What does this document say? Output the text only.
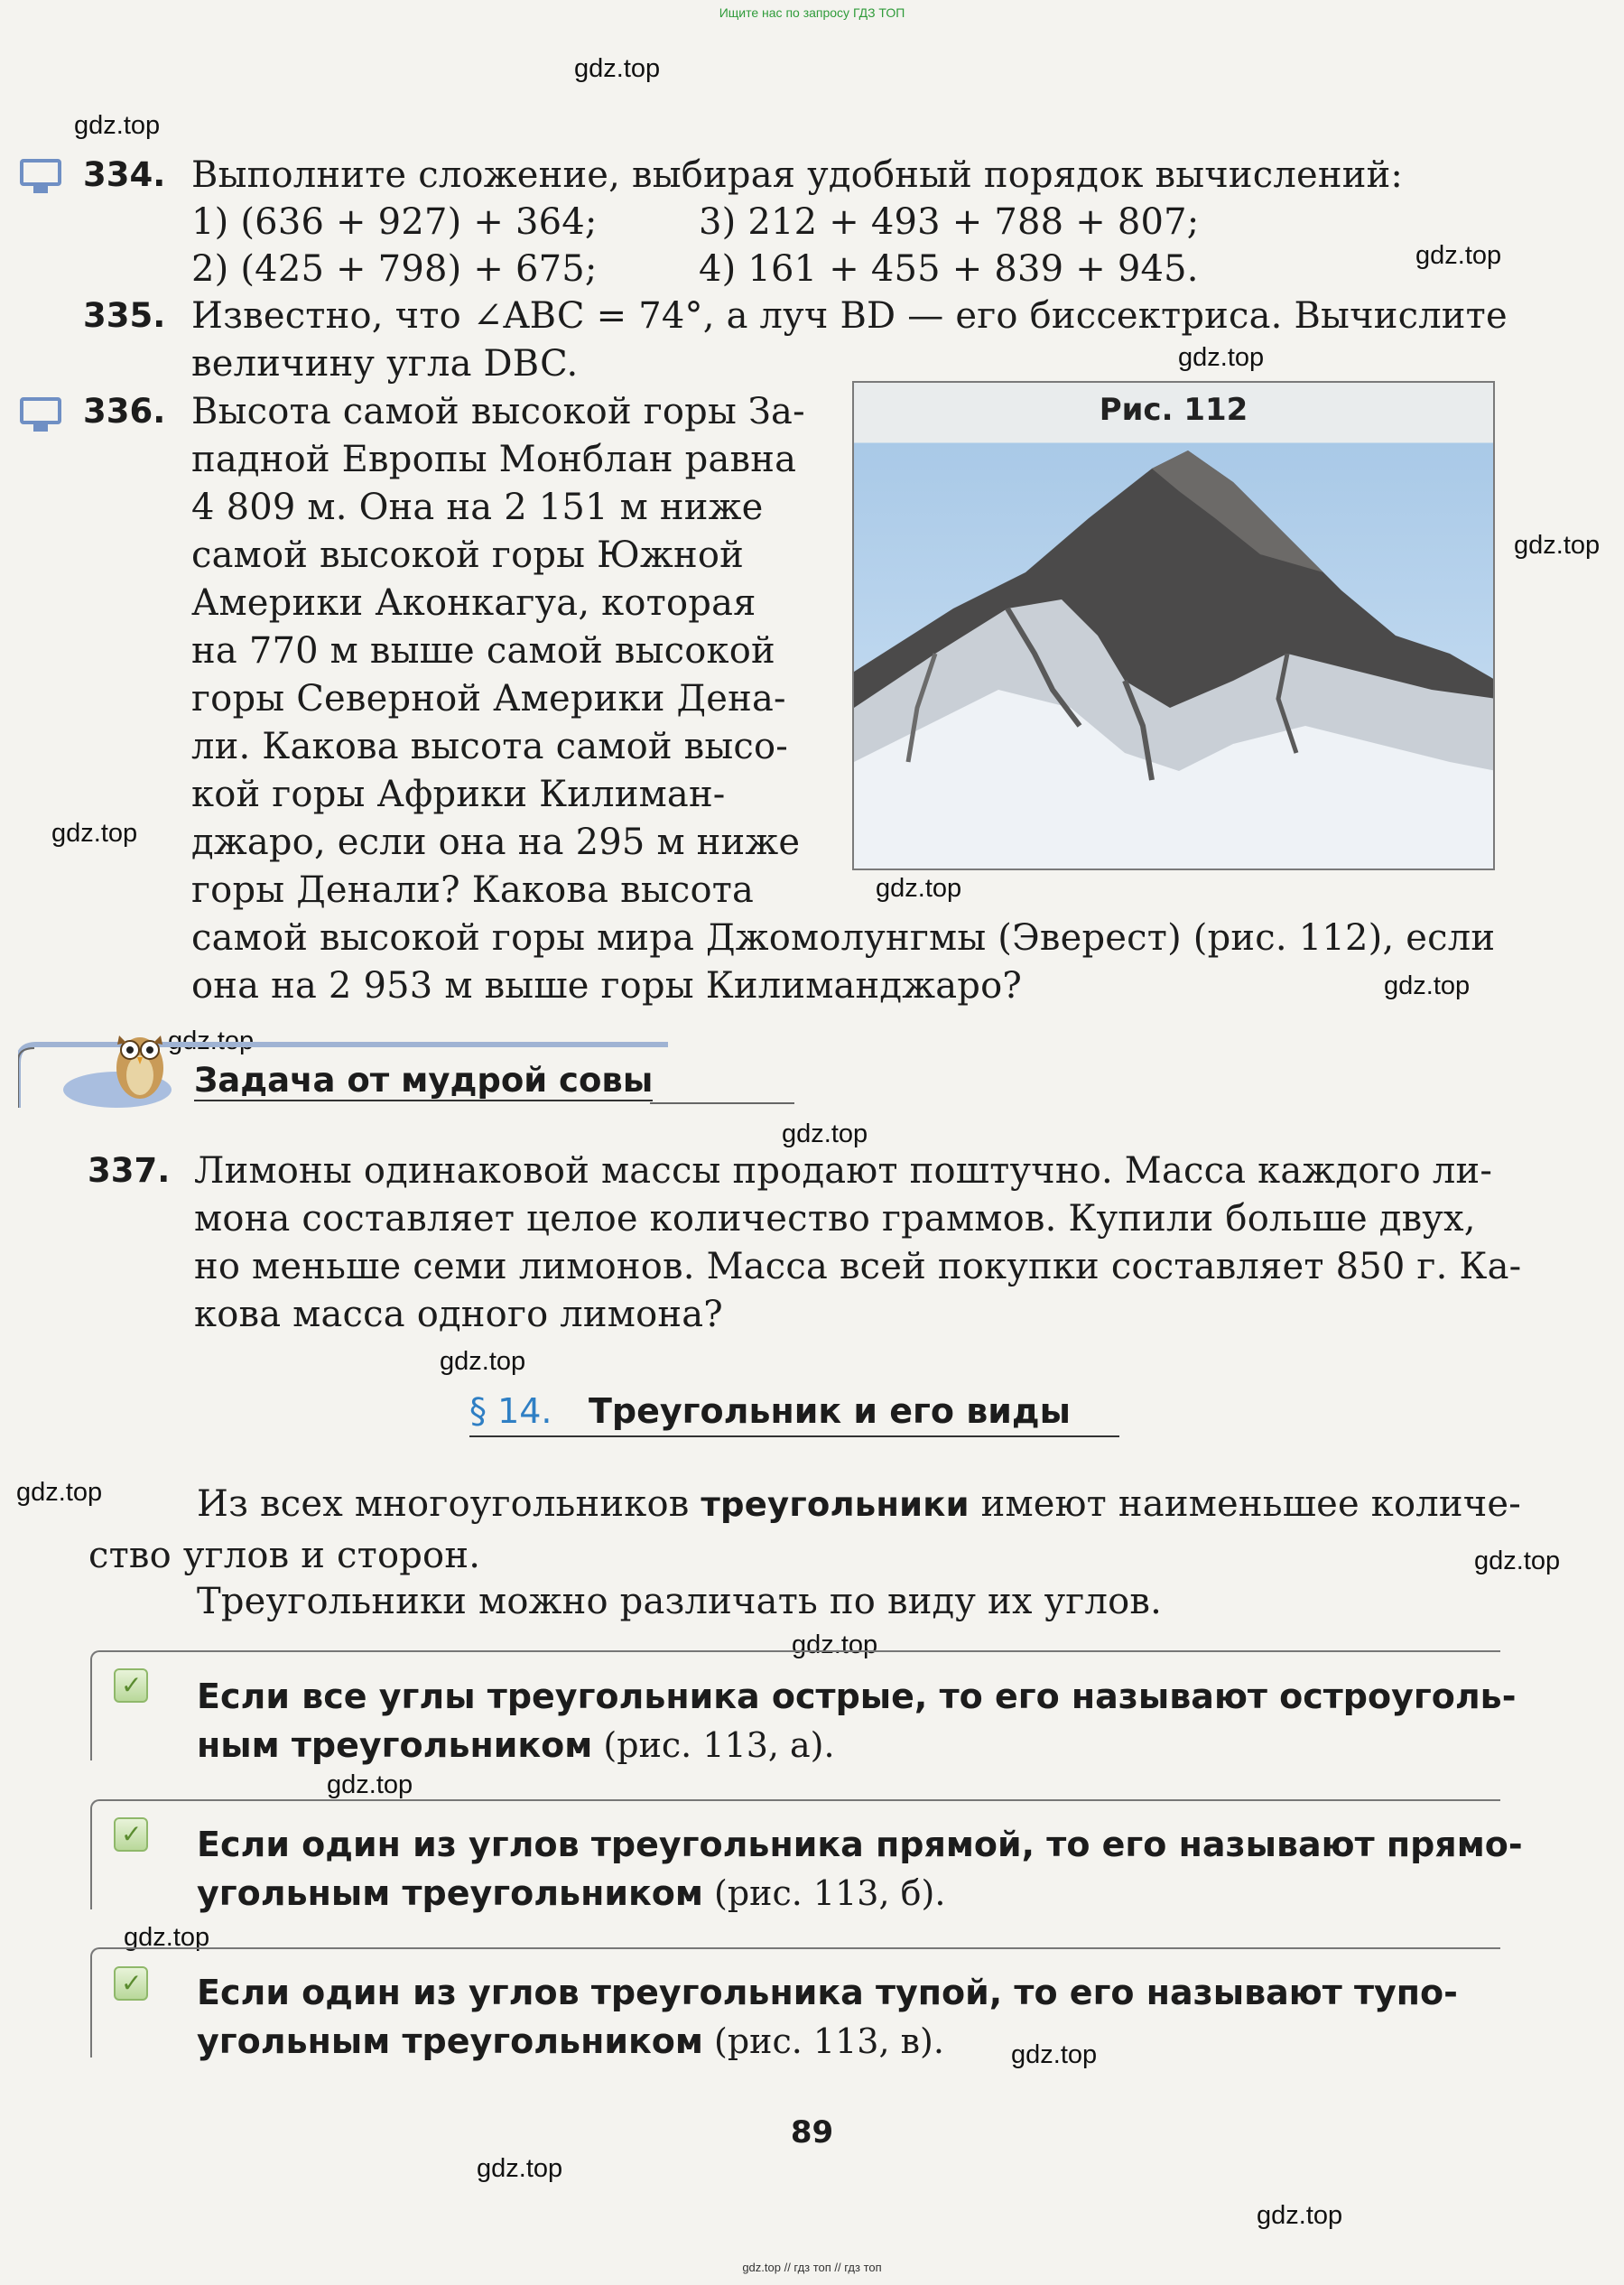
Ищите нас по запросу ГДЗ ТОП
gdz.top
gdz.top
gdz.top
gdz.top
gdz.top
gdz.top
gdz.top
gdz.top
gdz.top
gdz.top
gdz.top
gdz.top
gdz.top
gdz.top
gdz.top
gdz.top
gdz.top
gdz.top
gdz.top
334. Выполните сложение, выбирая удобный порядок вычислений:
1) (636 + 927) + 364;	3) 212 + 493 + 788 + 807;
2) (425 + 798) + 675;	4) 161 + 455 + 839 + 945.
335. Известно, что ∠ABC = 74°, а луч BD — его биссектриса. Вычислите
величину угла DBC.
336. Высота самой высокой горы За-
падной Европы Монблан равна
4 809 м. Она на 2 151 м ниже
самой высокой горы Южной
Америки Аконкагуа, которая
на 770 м выше самой высокой
горы Северной Америки Дена-
ли. Какова высота самой высо-
кой горы Африки Килиман-
джаро, если она на 295 м ниже
горы Денали? Какова высота
самой высокой горы мира Джомолунгмы (Эверест) (рис. 112), если
она на 2 953 м выше горы Килиманджаро?
Рис. 112
Задача от мудрой совы
337. Лимоны одинаковой массы продают поштучно. Масса каждого ли-
мона составляет целое количество граммов. Купили больше двух,
но меньше семи лимонов. Масса всей покупки составляет 850 г. Ка-
кова масса одного лимона?
§ 14. Треугольник и его виды
Из всех многоугольников треугольники имеют наименьшее количе-
ство углов и сторон.
Треугольники можно различать по виду их углов.
✓ Если все углы треугольника острые, то его называют остроуголь-
ным треугольником (рис. 113, а).
✓ Если один из углов треугольника прямой, то его называют прямо-
угольным треугольником (рис. 113, б).
✓ Если один из углов треугольника тупой, то его называют тупо-
угольным треугольником (рис. 113, в).
89
gdz.top // гдз топ // гдз топ
